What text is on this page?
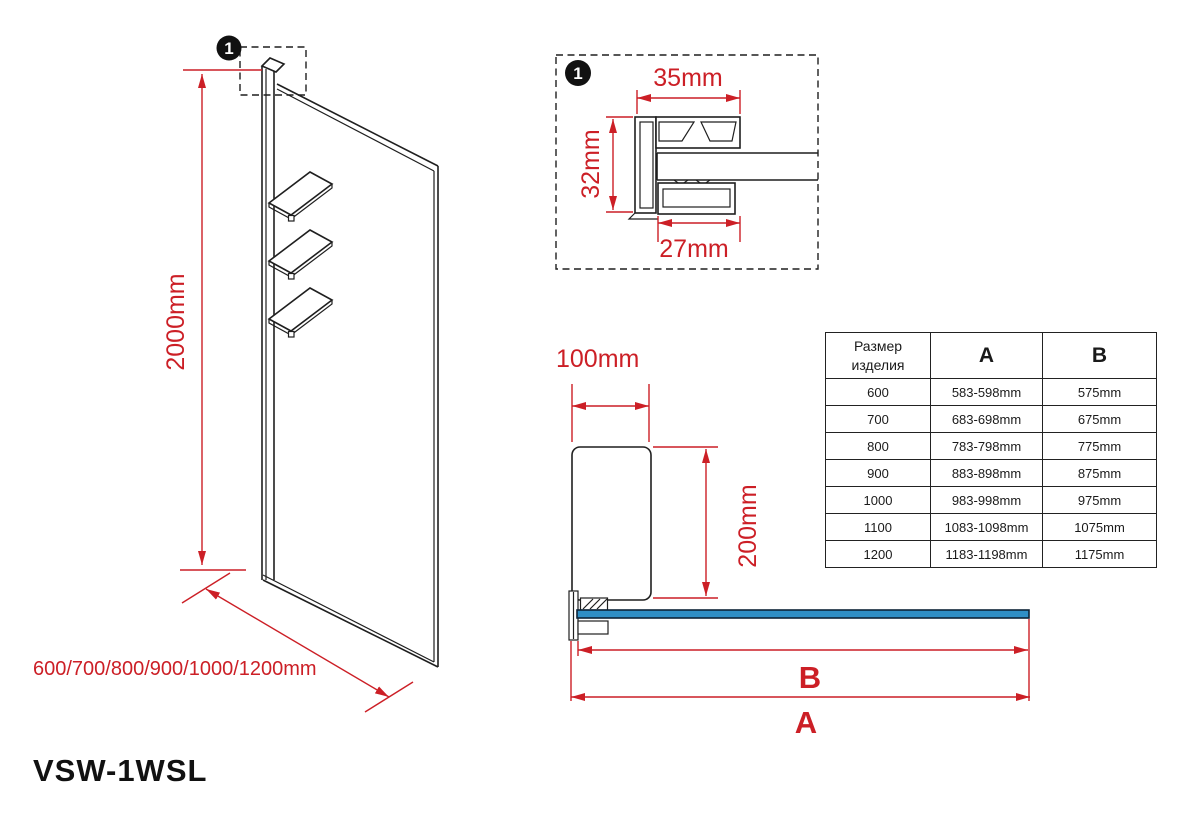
1
2000mm
600/700/800/900/1000/1200mm
1	35mm
32mm
27mm
100mm
200mm
B
A
Размер изделия	A	B
600	583-598mm	575mm
700	683-698mm	675mm
800	783-798mm	775mm
900	883-898mm	875mm
1000	983-998mm	975mm
1100	1083-1098mm	1075mm
1200	1183-1198mm	1175mm
VSW-1WSL
